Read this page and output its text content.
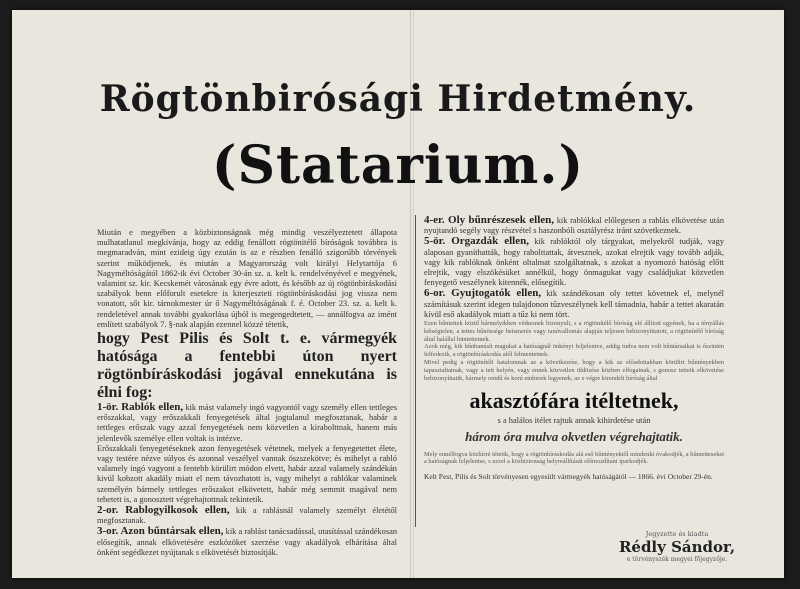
Rögtönbirósági Hirdetmény.
(Statarium.)

Miután e megyében a közbiztonságnak még mindig veszélyeztetett állapota mulhatatlanul megkivánja, hogy az eddig fenállott rögtönitélő bíróságok továbbra is megmaradván, mint ezideig úgy ezután is az e részben fenálló szigorúbb törvények szerint működjenek, és miután a Magyarország volt királyi Helytartója 6 Nagyméltóságától 1862-ik évi October 30-án sz. a. kelt k. rendelvényével e megyének, valamint sz. kir. Kecskemét városának egy évre adott, és később az új rögtönbíráskodási szabályok benn előforult esetekre is kiterjeszteti rögtönbíráskodási jog vissza nem vonatott, sőt kir. tárnokmester úr ő Nagyméltóságának f. é. October 23. sz. a. kelt k. rendeletével annak további gyakorlása újból is megengedtetett, — annálfogva az imént említett szabályok 7. §-nak alapján ezennel közzé tétetik,

hogy Pest Pilis és Solt t. e. vármegyék hatósága a fentebbi úton nyert rögtönbíráskodási jogával ennekutána is élni fog:

1-ör. Rablók ellen, kik mást valamely ingó vagyontól vagy személy ellen tettleges erőszakkal, vagy erőszakkali fenyegetések által jogtalanul megfosztanak, habár a tettleges erőszak vagy azzal fenyegetések nem közvetlen a kirabolttnak, hanem más jelenlevők személye ellen voltak is intézve.

Erőszakkali fenyegetéseknek azon fenyegetések vétetnek, melyek a fenyegetettet élete, vagy testére nézve súlyos és azonnal veszélyel vannak öszszekötve; és mihelyt a rabló valamely ingó vagyont a fentebb körülirt módon elvett, habár azzal valamely szándékán kivül kobzott akadály miatt el nem távozhatott is, vagy mihelyt a rablókar valaminek személyén bármely tettleges erőszakot elkövetett, habár még semmit magával nem tehetett is, a gonosztett végrehajtottnak tekintetik.

2-or. Rablogyilkosok ellen, kik a rablásnál valamely személyt életétől megfosztanak.

3-or. Azon bűntársak ellen, kik a rablást tanácsadással, utasítással szándékosan elősegítik, annak elkövetésére eszközöket szerzése vagy akadályok elhárítása által önként segédkezet nyújtanak s elkövetését biztosítják.

4-er. Oly bűnrészesek ellen, kik rablókkal előlegesen a rablás elkövetése után nyujtandó segély vagy részvétel s haszonbóli osztályrész iránt szövetkeznek.

5-ör. Orgazdák ellen, kik rablóktól oly tárgyakat, melyekről tudják, vagy alaposan gyaníthatták, hogy rabolttattak, átvesznek, azokat elrejtik vagy tovább adják, vagy kik rablóknak önként oltalmat szolgáltatnak, s azokat a nyomozó hatóság előtt elrejtik, vagy elszökésüket annélkül, hogy önmagukat vagy családjukat közvetlen fenyegető veszélynek kitennék, elősegítik.

6-or. Gyujtogatók ellen, kik szándékosan oly tettet követnek el, melynél számításuk szerint idegen tulajdonon tűzveszélynek kell támadnia, habár a tettet akaratán kívül eső akadályok miatt a tűz ki nem tört.

Ezen bűntettek közül bármelyikben vétkesnek bizonyult, s a rögtönítélő bíróság elé állított egyének, ha a tényállás kétségtelen, a tettes bűnössége beismerés vagy tanúvallomás alapján teljesen bebizonyíttatott, a rögtönítélő bíróság által halállal büntettetnek.

Azok még, kik bűnbanúsít magukat a hatóságnál önkényt feljelentve, addig tudva nem volt bűntársaikat is őszintén felfedezik, a rögtönbíráskodás alól felmentetnek.

Mivel pedig a rögtönítéli hatalomnak az a következése, hogy a kik az előadottakban körülirt bűntényekben tapasztaltatnak, vagy a tett helyén, vagy ennek közvetlen üldözése közben elfogatnak, s gonosz tetteik elkövetése bebizonyíttatik, bármely rendű és korú emberek legyenek, az e végre kirendelt bíróság által

akasztófára itéltetnek,

s a halálos itélet rajtuk annak kihirdetése után

három óra mulva okvetlen végrehajtatik.

Mely ennélfogva közhírré tétetik, hogy a rögtönbíráskodás alá eső bűntényektől mindenki óvakodjék, a bűntetteseket a hatóságnak feljelentse, s ezzel a közbiztonság helyreállítását előmozdítani iparkodjék.

Kelt Pest, Pilis és Solt törvényesen egyesült vármegyék hatóságától — 1866. évi October 29-én.

Jegyzette és kiadta
Rédly Sándor,
e törvényszék megyei főjegyzője.
